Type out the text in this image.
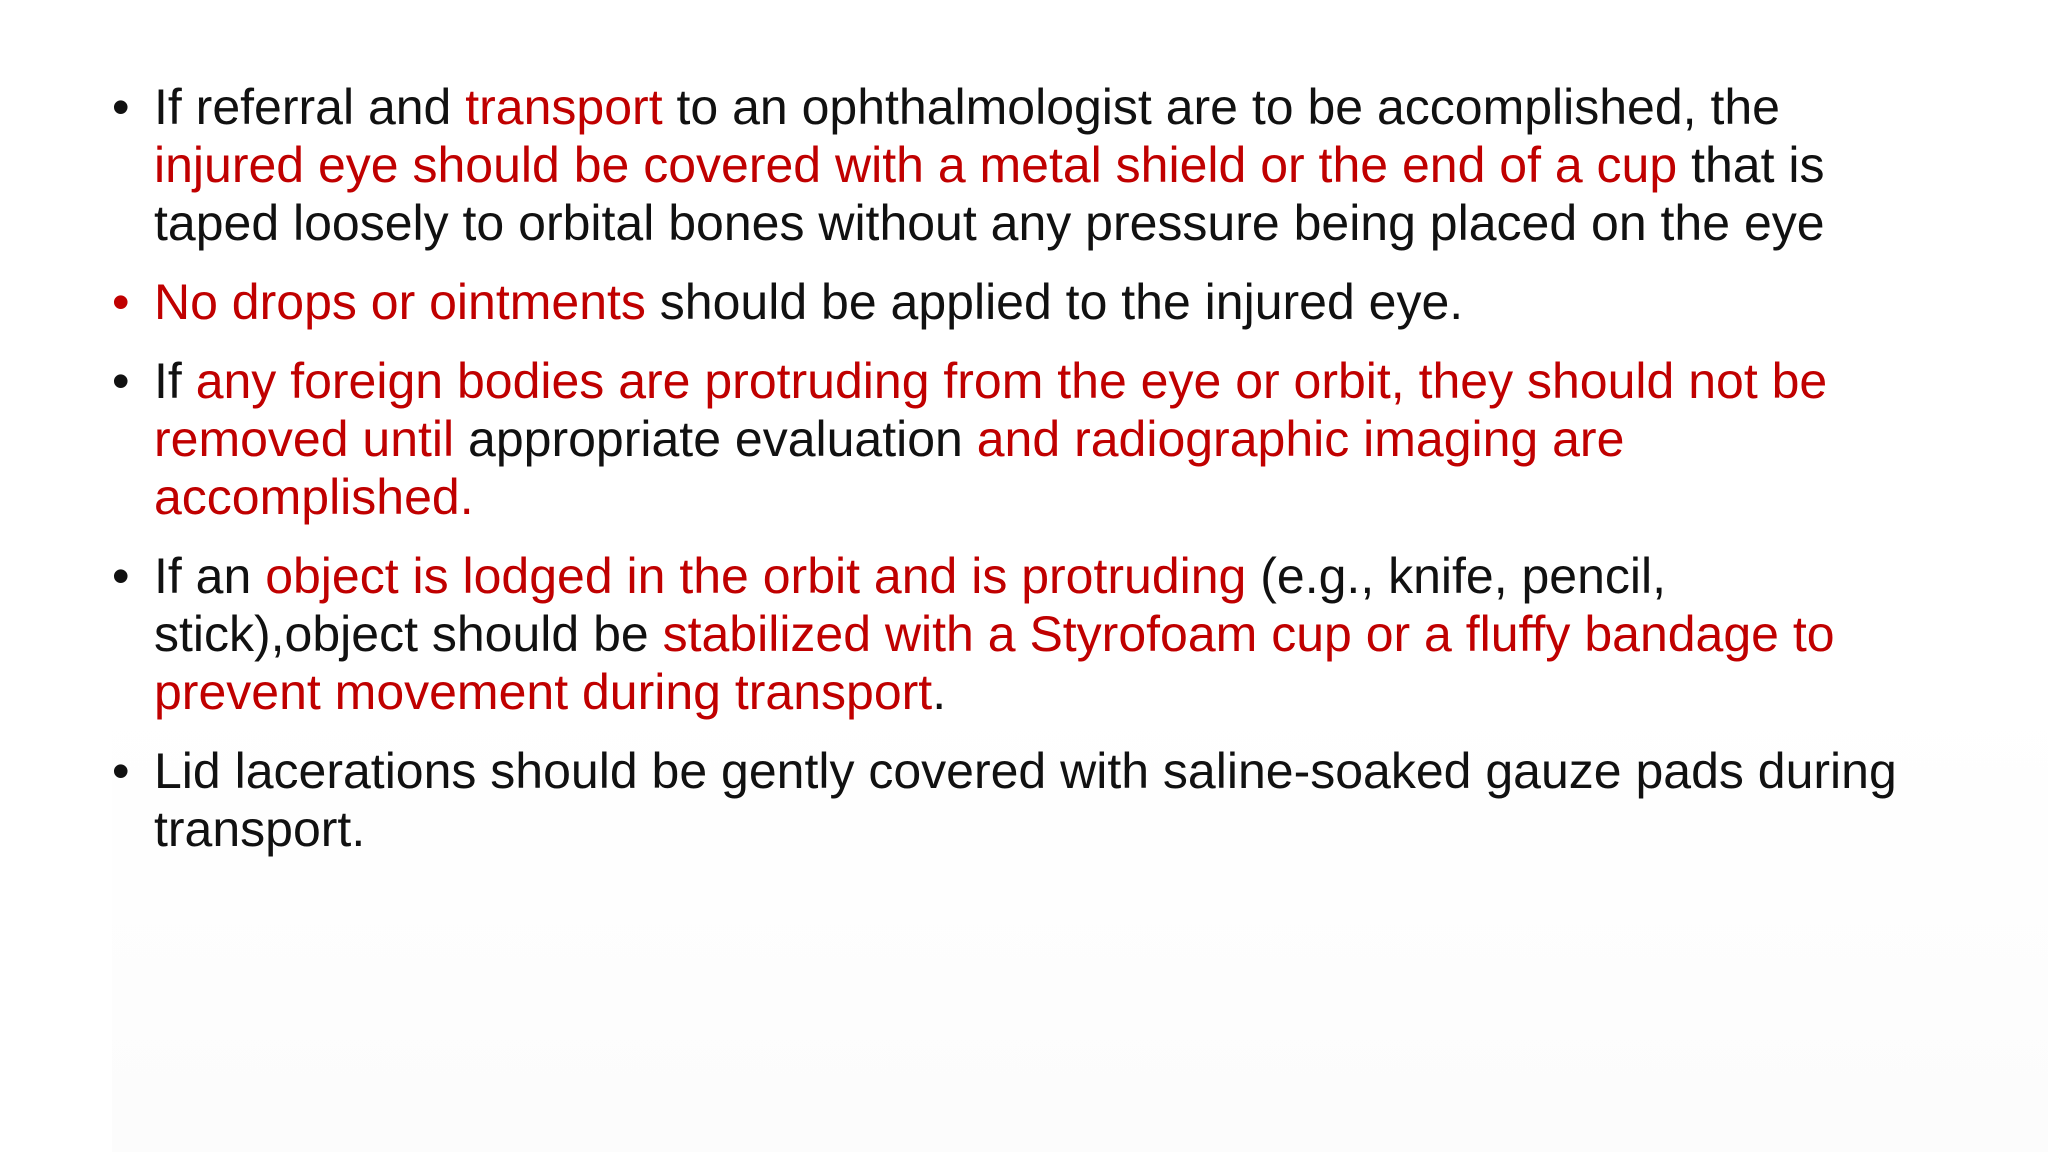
• If referral and transport to an ophthalmologist are to be accomplished, the injured eye should be covered with a metal shield or the end of a cup that is taped loosely to orbital bones without any pressure being placed on the eye
• No drops or ointments should be applied to the injured eye.
• If any foreign bodies are protruding from the eye or orbit, they should not be removed until appropriate evaluation and radiographic imaging are accomplished.
• If an object is lodged in the orbit and is protruding (e.g., knife, pencil, stick),object should be stabilized with a Styrofoam cup or a fluffy bandage to prevent movement during transport.
• Lid lacerations should be gently covered with saline-soaked gauze pads during transport.
